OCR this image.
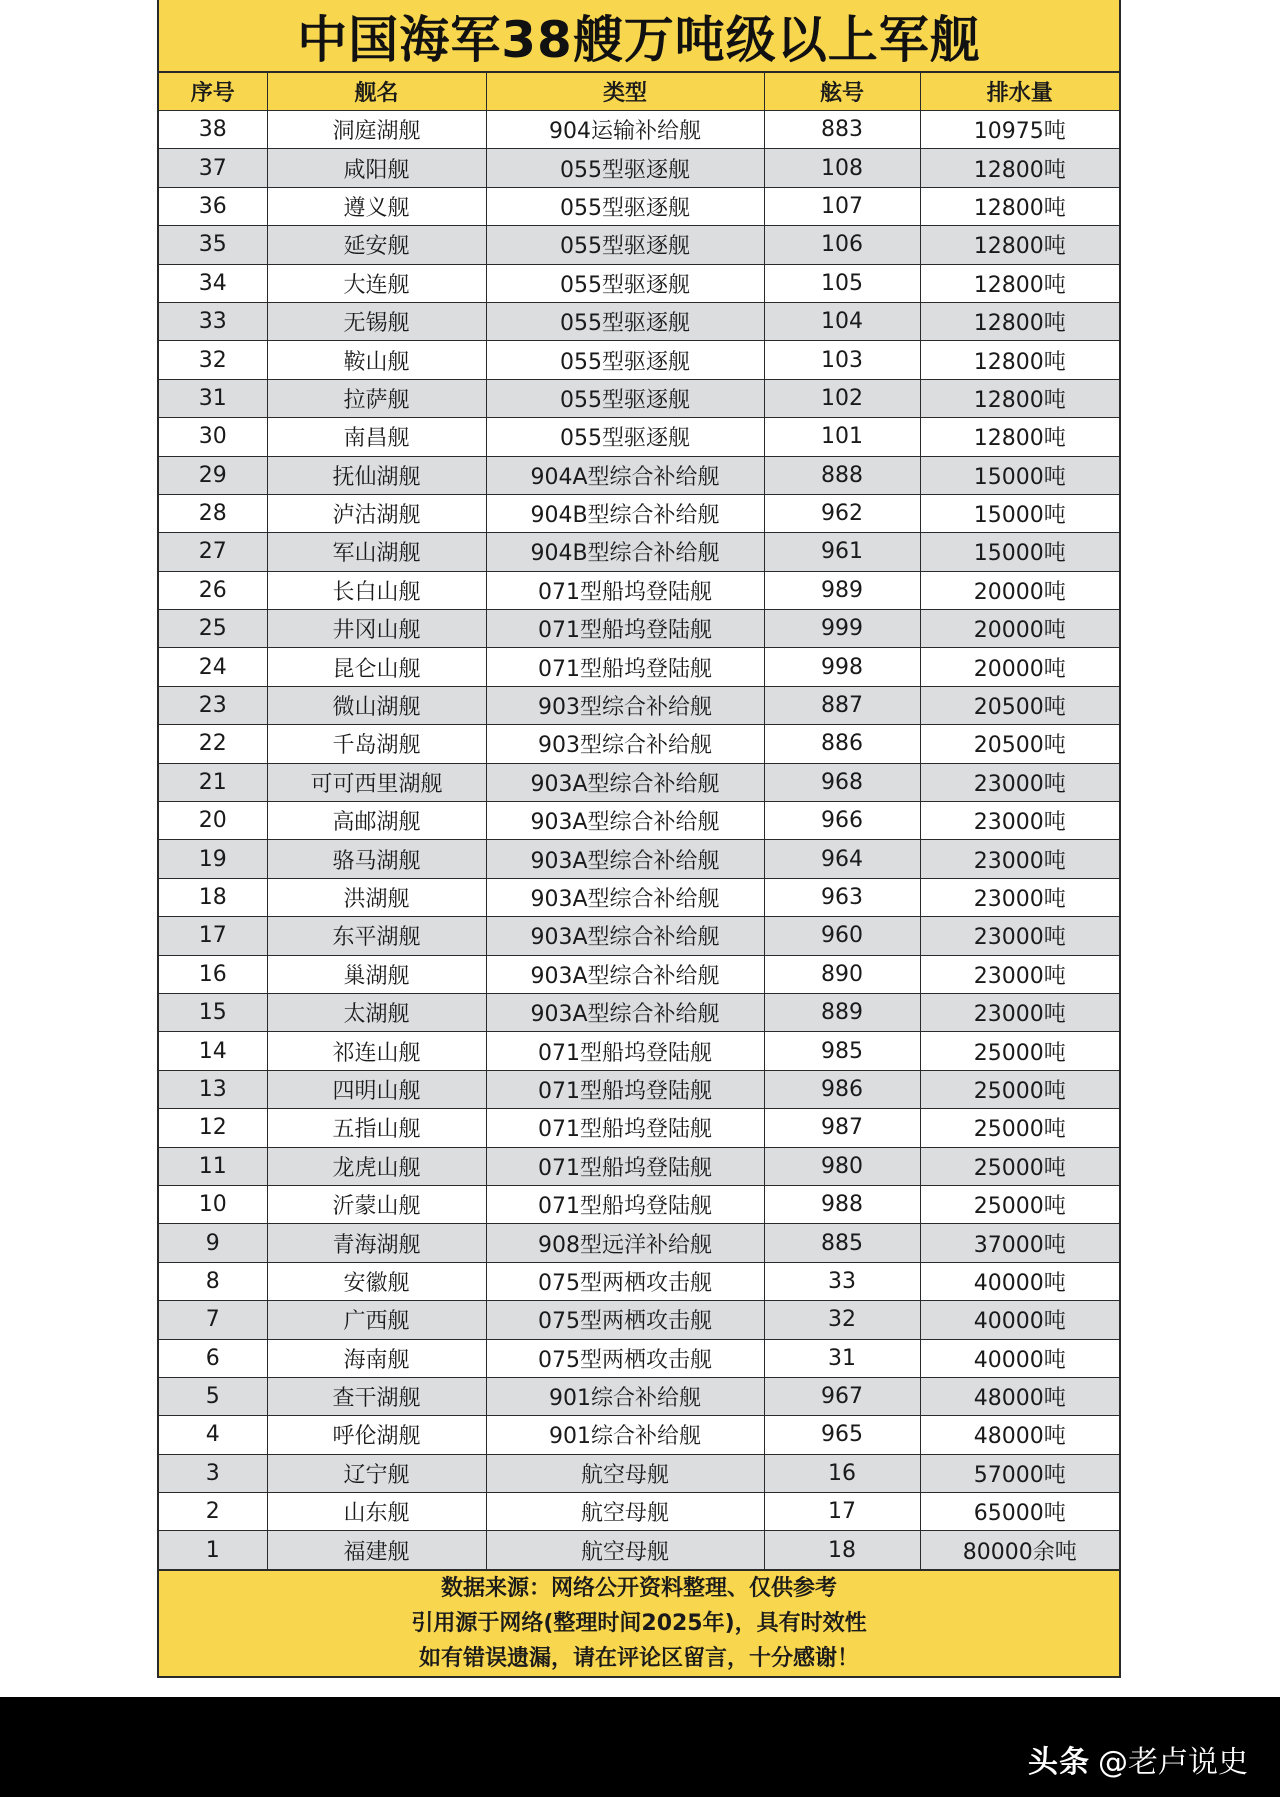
中国海军38艘万吨级以上军舰
序号	舰名	类型	舷号	排水量
38	洞庭湖舰	904运输补给舰	883	10975吨
37	咸阳舰	055型驱逐舰	108	12800吨
36	遵义舰	055型驱逐舰	107	12800吨
35	延安舰	055型驱逐舰	106	12800吨
34	大连舰	055型驱逐舰	105	12800吨
33	无锡舰	055型驱逐舰	104	12800吨
32	鞍山舰	055型驱逐舰	103	12800吨
31	拉萨舰	055型驱逐舰	102	12800吨
30	南昌舰	055型驱逐舰	101	12800吨
29	抚仙湖舰	904A型综合补给舰	888	15000吨
28	泸沽湖舰	904B型综合补给舰	962	15000吨
27	军山湖舰	904B型综合补给舰	961	15000吨
26	长白山舰	071型船坞登陆舰	989	20000吨
25	井冈山舰	071型船坞登陆舰	999	20000吨
24	昆仑山舰	071型船坞登陆舰	998	20000吨
23	微山湖舰	903型综合补给舰	887	20500吨
22	千岛湖舰	903型综合补给舰	886	20500吨
21	可可西里湖舰	903A型综合补给舰	968	23000吨
20	高邮湖舰	903A型综合补给舰	966	23000吨
19	骆马湖舰	903A型综合补给舰	964	23000吨
18	洪湖舰	903A型综合补给舰	963	23000吨
17	东平湖舰	903A型综合补给舰	960	23000吨
16	巢湖舰	903A型综合补给舰	890	23000吨
15	太湖舰	903A型综合补给舰	889	23000吨
14	祁连山舰	071型船坞登陆舰	985	25000吨
13	四明山舰	071型船坞登陆舰	986	25000吨
12	五指山舰	071型船坞登陆舰	987	25000吨
11	龙虎山舰	071型船坞登陆舰	980	25000吨
10	沂蒙山舰	071型船坞登陆舰	988	25000吨
9	青海湖舰	908型远洋补给舰	885	37000吨
8	安徽舰	075型两栖攻击舰	33	40000吨
7	广西舰	075型两栖攻击舰	32	40000吨
6	海南舰	075型两栖攻击舰	31	40000吨
5	查干湖舰	901综合补给舰	967	48000吨
4	呼伦湖舰	901综合补给舰	965	48000吨
3	辽宁舰	航空母舰	16	57000吨
2	山东舰	航空母舰	17	65000吨
1	福建舰	航空母舰	18	80000余吨
数据来源：网络公开资料整理、仅供参考
引用源于网络(整理时间2025年)，具有时效性
如有错误遗漏，请在评论区留言，十分感谢！
头条 @老卢说史
